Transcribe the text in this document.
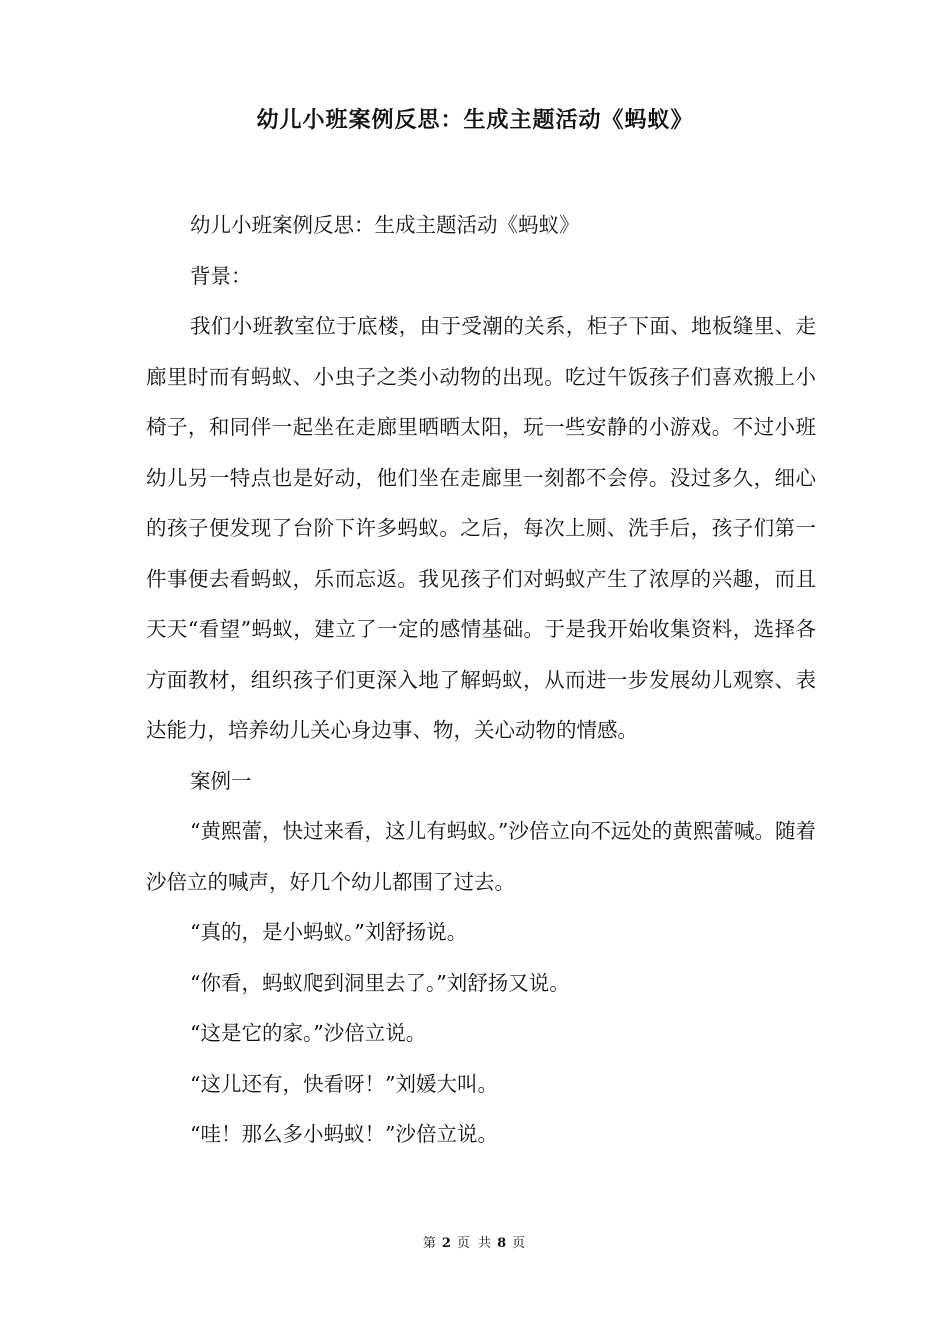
幼儿小班案例反思：生成主题活动《蚂蚁》

幼儿小班案例反思：生成主题活动《蚂蚁》

背景：

我们小班教室位于底楼，由于受潮的关系，柜子下面、地板缝里、走廊里时而有蚂蚁、小虫子之类小动物的出现。吃过午饭孩子们喜欢搬上小椅子，和同伴一起坐在走廊里晒晒太阳，玩一些安静的小游戏。不过小班幼儿另一特点也是好动，他们坐在走廊里一刻都不会停。没过多久，细心的孩子便发现了台阶下许多蚂蚁。之后，每次上厕、洗手后，孩子们第一件事便去看蚂蚁，乐而忘返。我见孩子们对蚂蚁产生了浓厚的兴趣，而且天天“看望”蚂蚁，建立了一定的感情基础。于是我开始收集资料，选择各方面教材，组织孩子们更深入地了解蚂蚁，从而进一步发展幼儿观察、表达能力，培养幼儿关心身边事、物，关心动物的情感。

案例一

“黄熙蕾，快过来看，这儿有蚂蚁。”沙倍立向不远处的黄熙蕾喊。随着沙倍立的喊声，好几个幼儿都围了过去。

“真的，是小蚂蚁。”刘舒扬说。

“你看，蚂蚁爬到洞里去了。”刘舒扬又说。

“这是它的家。”沙倍立说。

“这儿还有，快看呀！”刘媛大叫。

“哇！那么多小蚂蚁！”沙倍立说。

第 2 页 共 8 页
